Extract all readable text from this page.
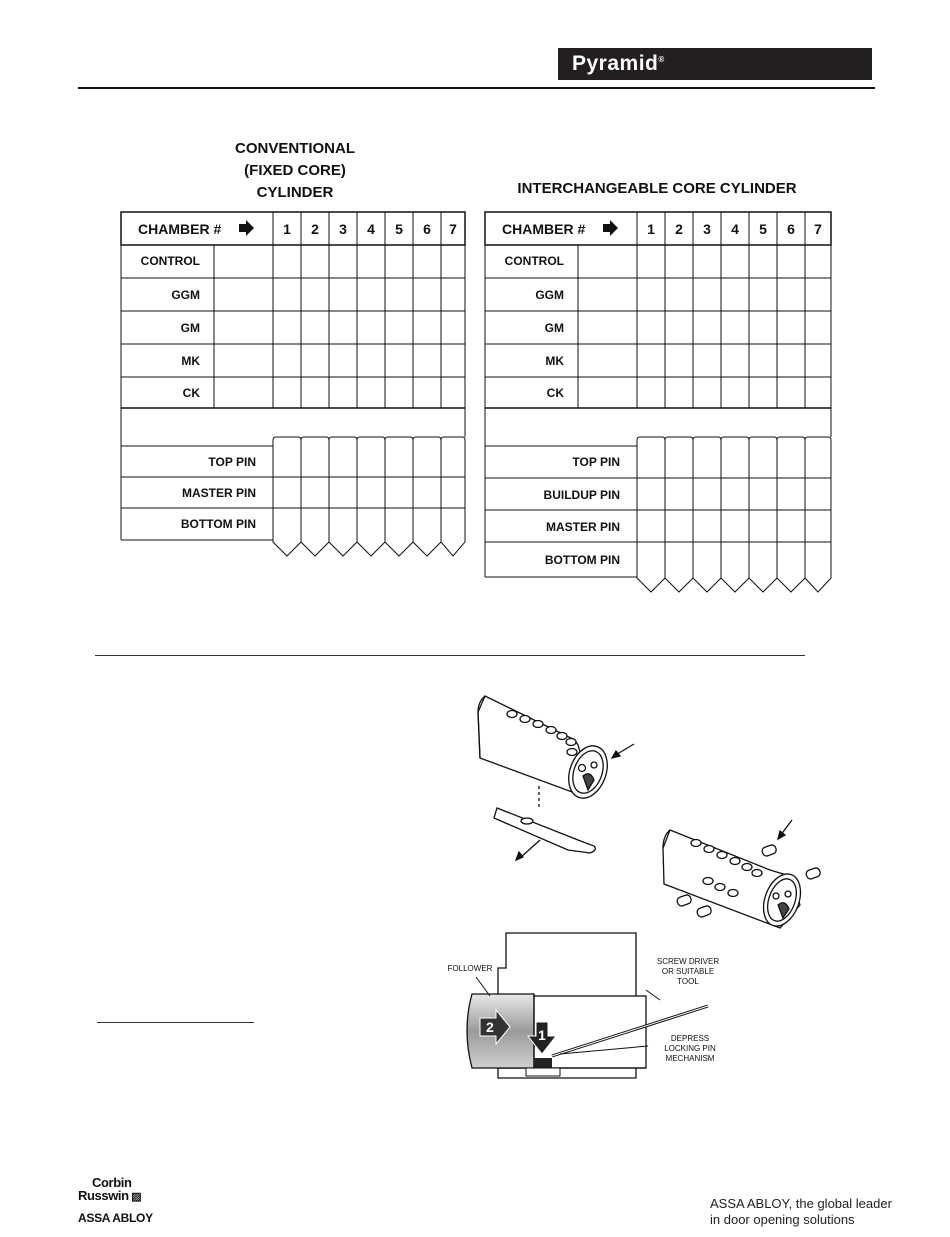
Pyramid®
CONVENTIONAL
(FIXED CORE)
CYLINDER	INTERCHANGEABLE CORE CYLINDER
CHAMBER #	1 2 3 4 5 6 7
CONTROL
GGM
GM
MK
CK
TOP PIN
MASTER PIN
BOTTOM PIN
CHAMBER #	1 2 3 4 5 6 7
CONTROL
GGM
GM
MK
CK
TOP PIN
BUILDUP PIN
MASTER PIN
BOTTOM PIN
2	1
FOLLOWER
SCREW DRIVER
OR SUITABLE
TOOL
DEPRESS
LOCKING PIN
MECHANISM
Corbin
Russwin ▨
ASSA ABLOY
ASSA ABLOY, the global leader
in door opening solutions
